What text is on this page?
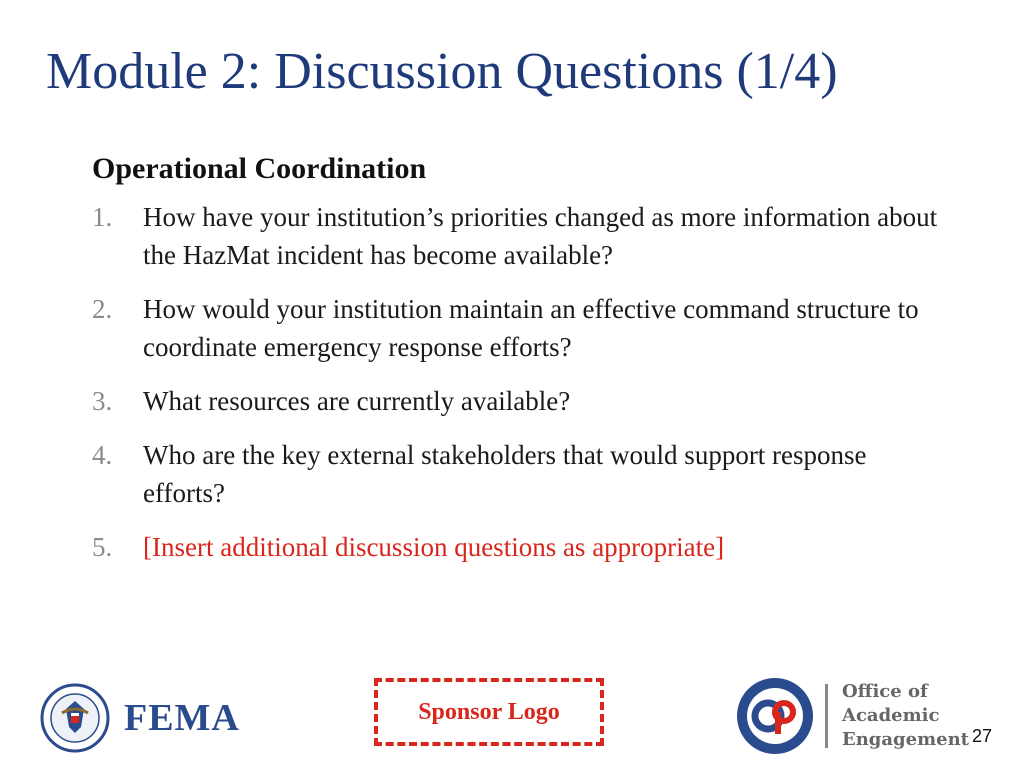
Module 2: Discussion Questions (1/4)
Operational Coordination
1.	How have your institution’s priorities changed as more information about the HazMat incident has become available?
2.	How would your institution maintain an effective command structure to coordinate emergency response efforts?
3.	What resources are currently available?
4.	Who are the key external stakeholders that would support response efforts?
5.	[Insert additional discussion questions as appropriate]
FEMA	Sponsor Logo
Office of
Academic
Engagement 27
